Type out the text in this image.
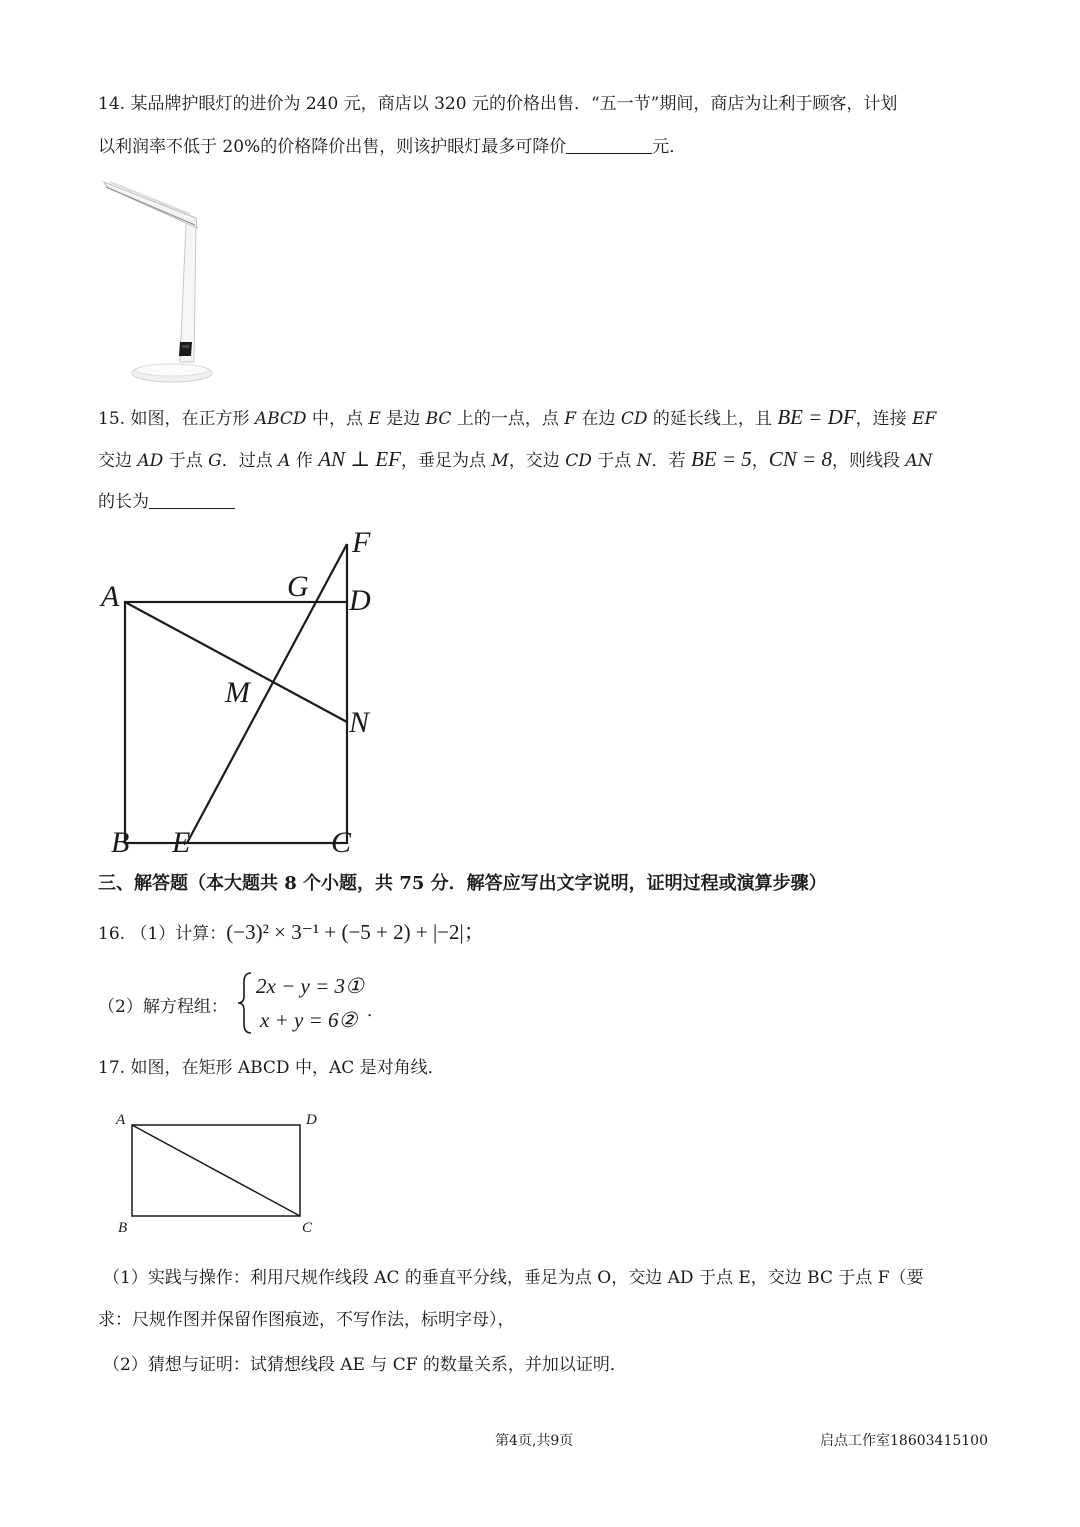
14. 某品牌护眼灯的进价为 240 元，商店以 320 元的价格出售．“五一节”期间，商店为让利于顾客，计划
以利润率不低于 20%的价格降价出售，则该护眼灯最多可降价	元．
15. 如图，在正方形 ABCD 中，点 E 是边 BC 上的一点，点 F 在边 CD 的延长线上，且 BE = DF，连接 EF
交边 AD 于点 G．过点 A 作 AN ⊥ EF，垂足为点 M，交边 CD 于点 N．若 BE = 5，CN = 8，则线段 AN
的长为
A
B	C
D
E
F
G
M
N
三、解答题（本大题共 8 个小题，共 75 分．解答应写出文字说明，证明过程或演算步骤）
16. （1）计算：(−3)² × 3⁻¹ + (−5 + 2) + |−2|；
（2）解方程组：
2x − y = 3①
x + y = 6② ．
17. 如图，在矩形 ABCD 中，AC 是对角线．
A	D
B	C
（1）实践与操作：利用尺规作线段 AC 的垂直平分线，垂足为点 O，交边 AD 于点 E，交边 BC 于点 F（要
求：尺规作图并保留作图痕迹，不写作法，标明字母），
（2）猜想与证明：试猜想线段 AE 与 CF 的数量关系，并加以证明．
第4页,共9页	启点工作室18603415100
